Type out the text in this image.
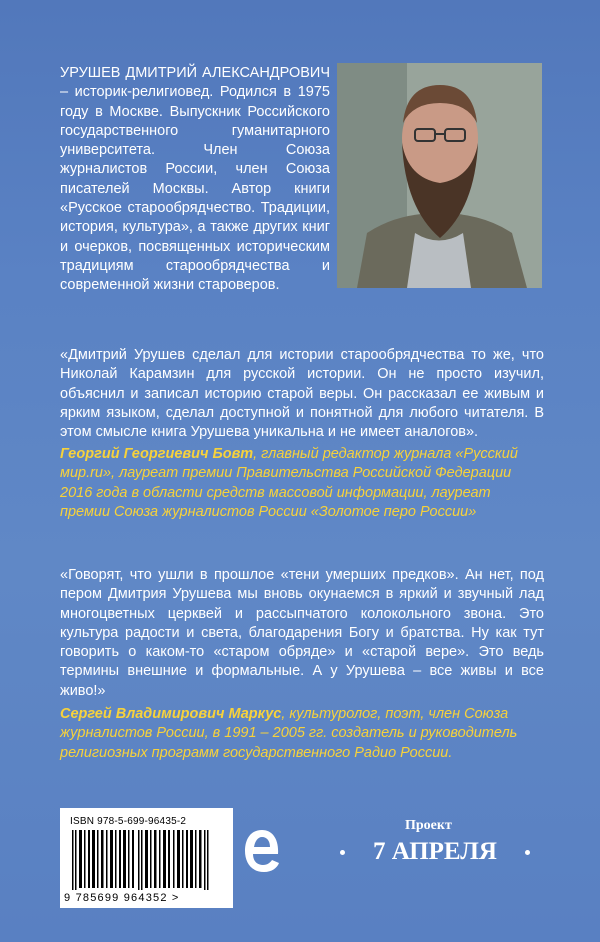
УРУШЕВ ДМИТРИЙ АЛЕКСАНДРОВИЧ – историк-религиовед. Родился в 1975 году в Москве. Выпускник Российского государственного гуманитарного университета. Член Союза журналистов России, член Союза писателей Москвы. Автор книги «Русское старообрядчество. Традиции, история, культура», а также других книг и очерков, посвященных историческим традициям старообрядчества и современной жизни староверов.
«Дмитрий Урушев сделал для истории старообрядчества то же, что Николай Карамзин для русской истории. Он не просто изучил, объяснил и записал историю старой веры. Он рассказал ее живым и ярким языком, сделал доступной и понятной для любого читателя. В этом смысле книга Урушева уникальна и не имеет аналогов».
Георгий Георгиевич Бовт, главный редактор журнала «Русский мир.ru», лауреат премии Правительства Российской Федерации 2016 года в области средств массовой информации, лауреат премии Союза журналистов России «Золотое перо России»
«Говорят, что ушли в прошлое «тени умерших предков». Ан нет, под пером Дмитрия Урушева мы вновь окунаемся в яркий и звучный лад многоцветных церквей и рассыпчатого колокольного звона. Это культура радости и света, благодарения Богу и братства. Ну как тут говорить о каком-то «старом обряде» и «старой вере». Это ведь термины внешние и формальные. А у Урушева – все живы и все живо!»
Сергей Владимирович Маркус, культуролог, поэт, член Союза журналистов России, в 1991 – 2005 гг. создатель и руководитель религиозных программ государственного Радио России.
ISBN 978-5-699-96435-2
9 785699 964352 >
Проект
7 АПРЕЛЯ
